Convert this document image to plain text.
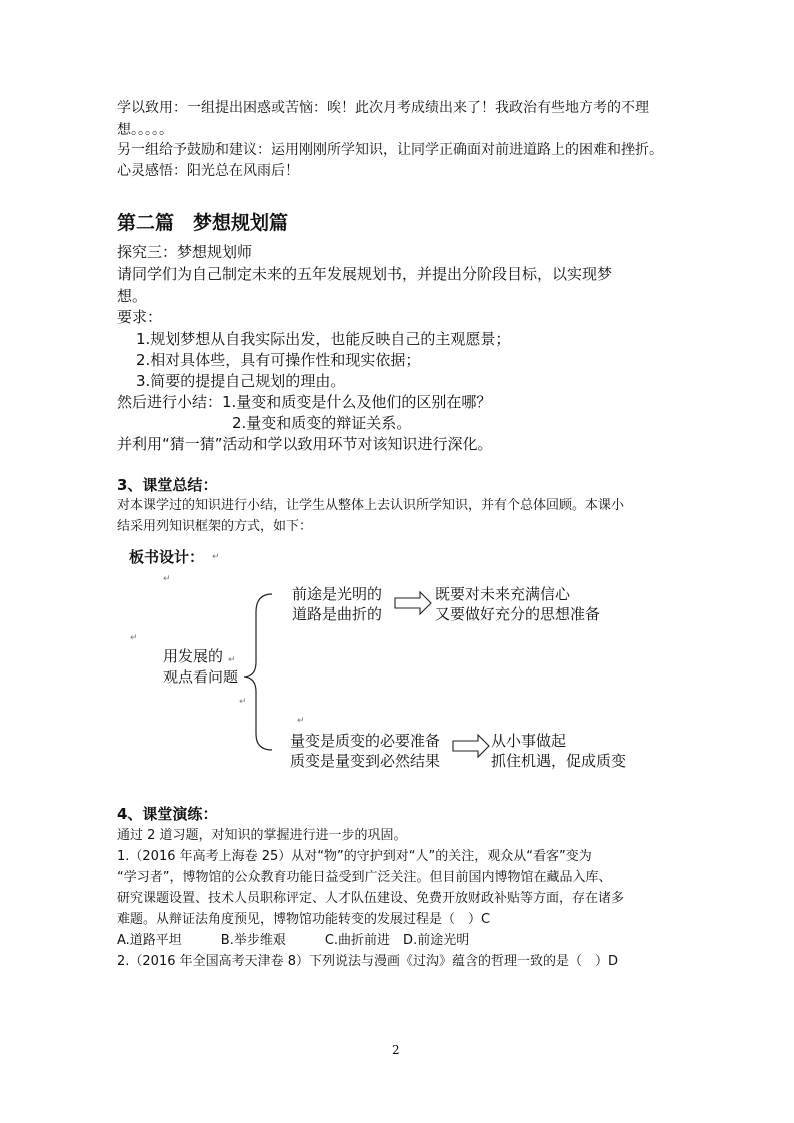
学以致用：一组提出困惑或苦恼：唉！此次月考成绩出来了！我政治有些地方考的不理
想。。。。。
另一组给予鼓励和建议：运用刚刚所学知识，让同学正确面对前进道路上的困难和挫折。
心灵感悟：阳光总在风雨后！
第二篇　梦想规划篇
探究三：梦想规划师
请同学们为自己制定未来的五年发展规划书，并提出分阶段目标，以实现梦
想。
要求：
1.规划梦想从自我实际出发，也能反映自己的主观愿景；
2.相对具体些，具有可操作性和现实依据；
3.简要的提提自己规划的理由。
然后进行小结：1.量变和质变是什么及他们的区别在哪？
2.量变和质变的辩证关系。
并利用“猜一猜”活动和学以致用环节对该知识进行深化。
3、课堂总结：
对本课学过的知识进行小结，让学生从整体上去认识所学知识，并有个总体回顾。本课小
结采用列知识框架的方式，如下：
板书设计： ↵
↵
↵
↵
↵
↵
用发展的
观点看问题
前途是光明的
道路是曲折的
既要对未来充满信心
又要做好充分的思想准备
量变是质变的必要准备
质变是量变到必然结果
从小事做起
抓住机遇，促成质变
4、课堂演练：
通过 2 道习题，对知识的掌握进行进一步的巩固。
1.（2016 年高考上海卷 25）从对“物”的守护到对“人”的关注，观众从“看客”变为
“学习者”，博物馆的公众教育功能日益受到广泛关注。但目前国内博物馆在藏品入库、
研究课题设置、技术人员职称评定、人才队伍建设、免费开放财政补贴等方面，存在诸多
难题。从辩证法角度预见，博物馆功能转变的发展过程是（　）C
A.道路平坦　　　B.举步维艰　　　C.曲折前进　D.前途光明
2.（2016 年全国高考天津卷 8）下列说法与漫画《过沟》蕴含的哲理一致的是（　）D
2
